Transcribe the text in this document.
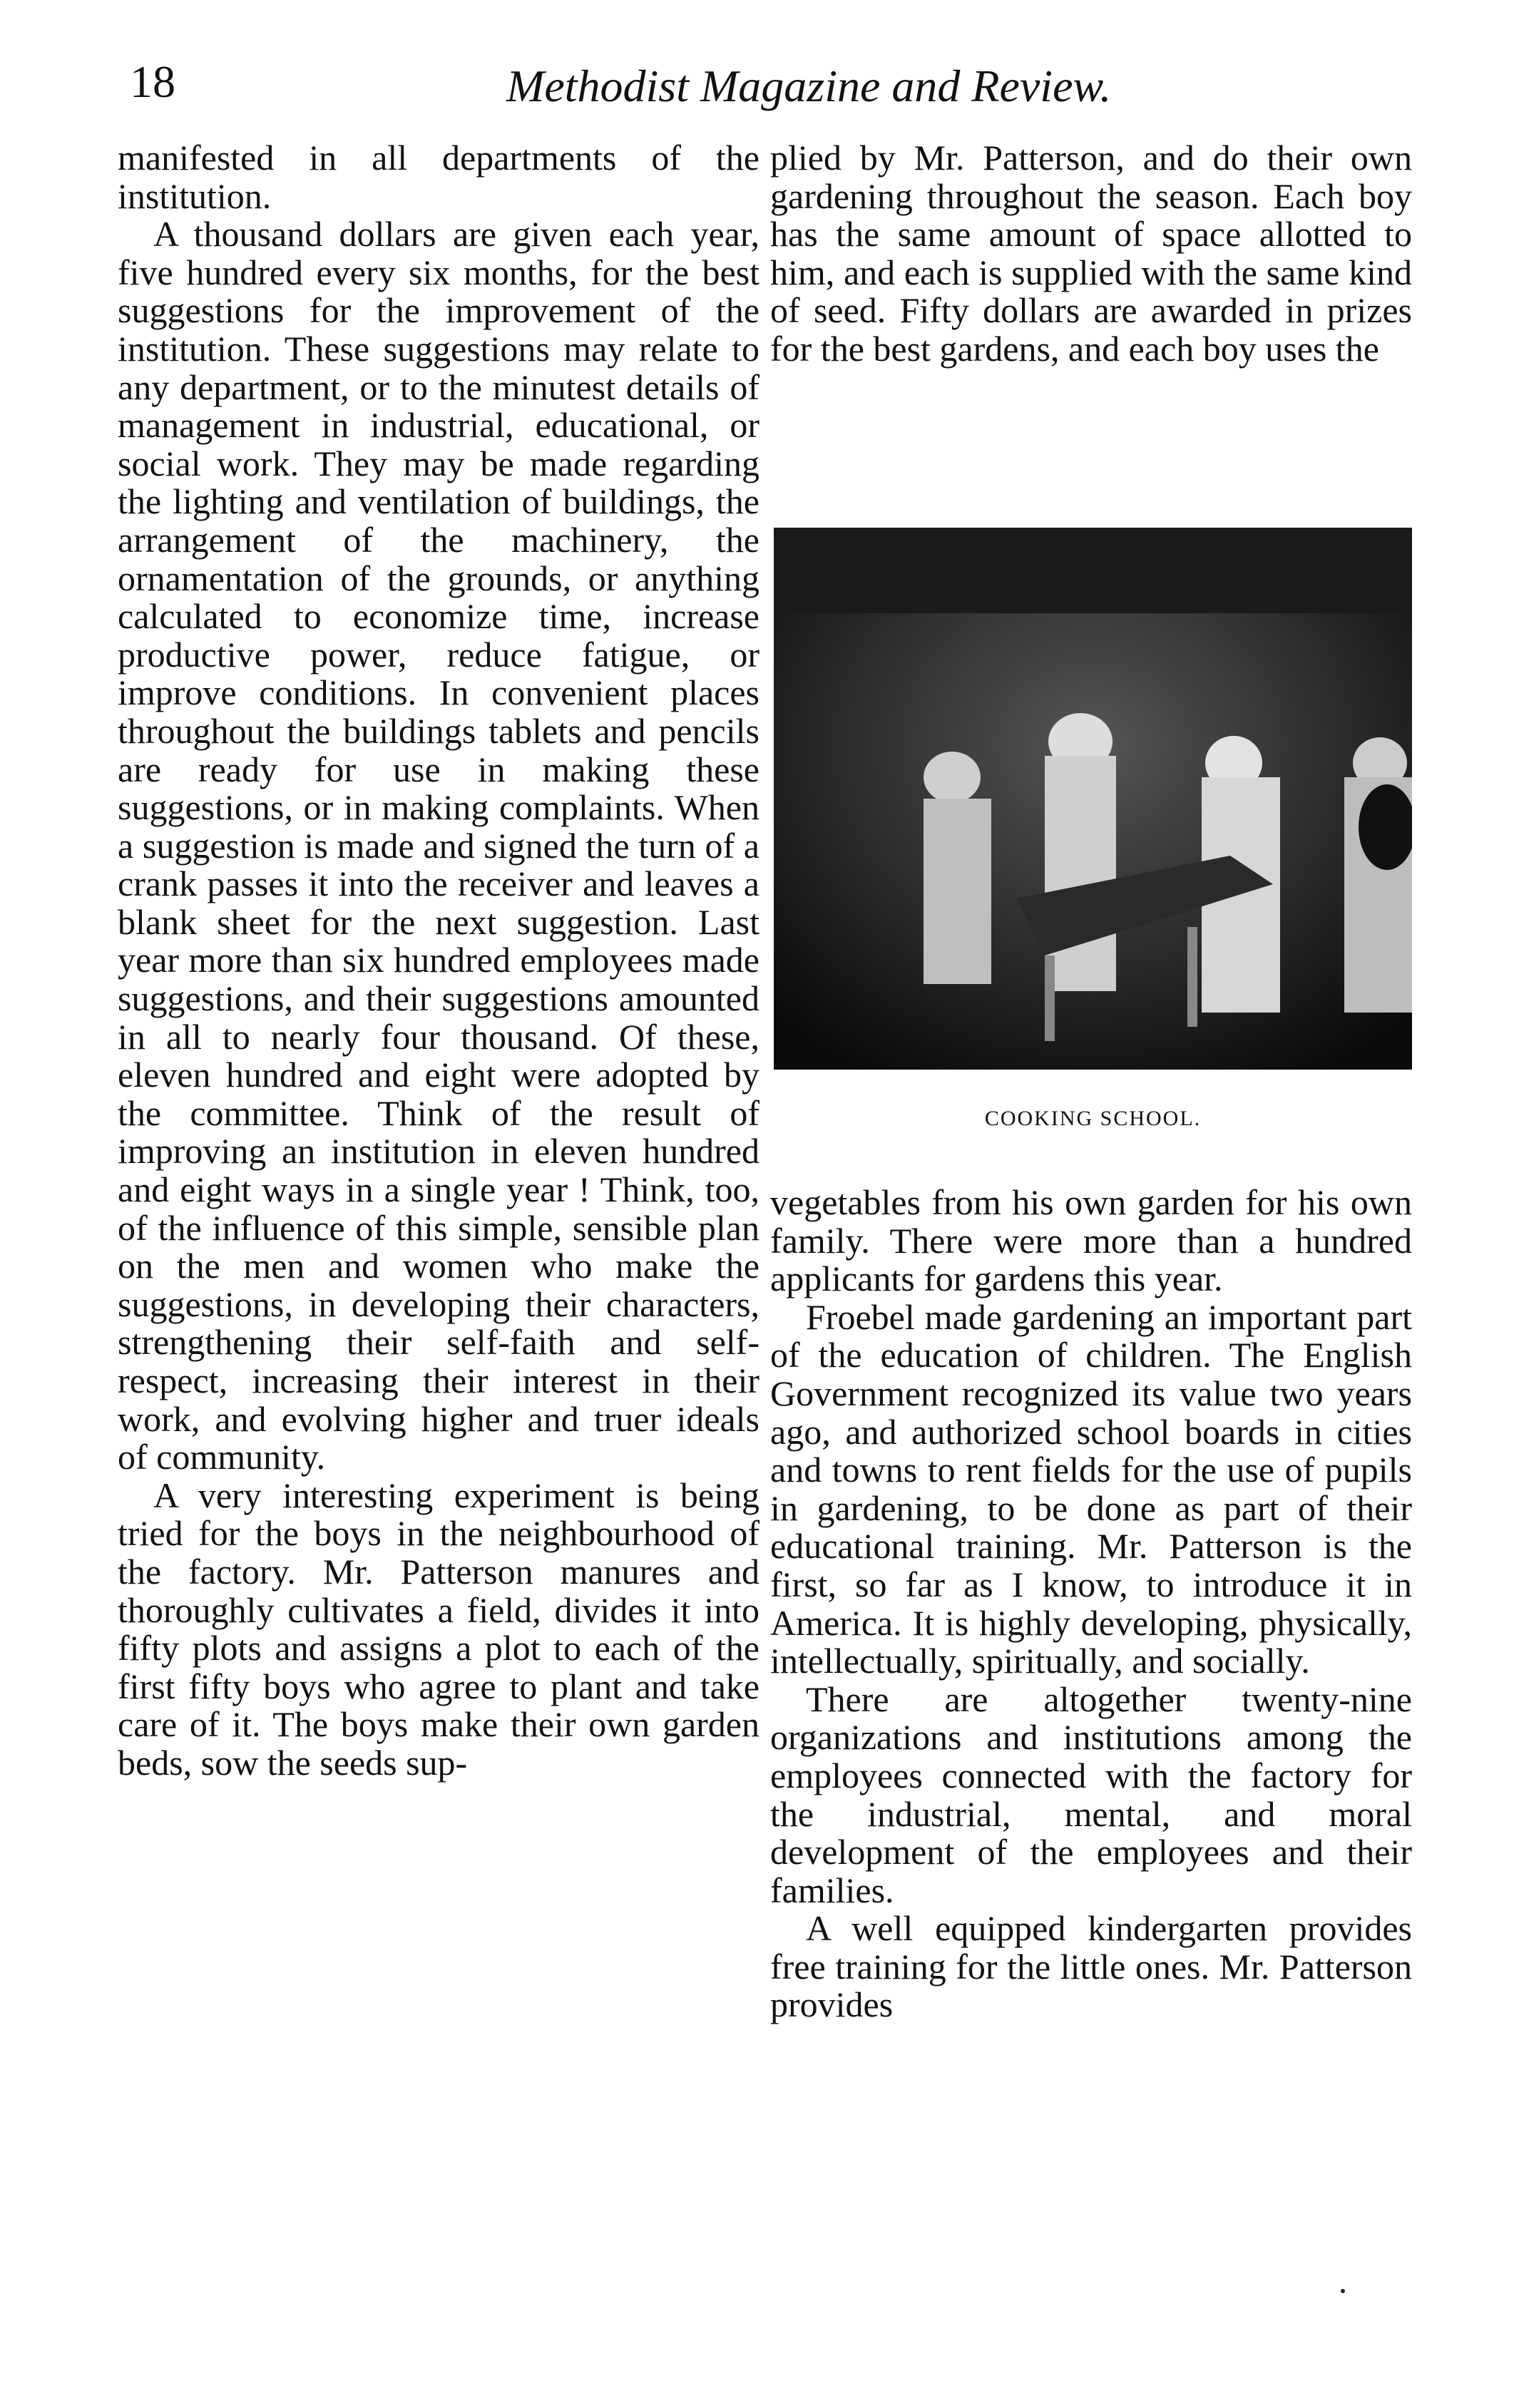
18	Methodist Magazine and Review.

manifested in all departments of the institution.

A thousand dollars are given each year, five hundred every six months, for the best suggestions for the improvement of the institution. These suggestions may relate to any department, or to the minutest details of management in industrial, educational, or social work. They may be made regarding the lighting and ventilation of buildings, the arrangement of the machinery, the ornamentation of the grounds, or anything calculated to economize time, increase productive power, reduce fatigue, or improve conditions. In convenient places throughout the buildings tablets and pencils are ready for use in making these suggestions, or in making complaints. When a suggestion is made and signed the turn of a crank passes it into the receiver and leaves a blank sheet for the next suggestion. Last year more than six hundred employees made suggestions, and their suggestions amounted in all to nearly four thousand. Of these, eleven hundred and eight were adopted by the committee. Think of the result of improving an institution in eleven hundred and eight ways in a single year ! Think, too, of the influence of this simple, sensible plan on the men and women who make the suggestions, in developing their characters, strengthening their self-faith and self-respect, increasing their interest in their work, and evolving higher and truer ideals of community.

A very interesting experiment is being tried for the boys in the neighbourhood of the factory. Mr. Patterson manures and thoroughly cultivates a field, divides it into fifty plots and assigns a plot to each of the first fifty boys who agree to plant and take care of it. The boys make their own garden beds, sow the seeds sup-

plied by Mr. Patterson, and do their own gardening throughout the season. Each boy has the same amount of space allotted to him, and each is supplied with the same kind of seed. Fifty dollars are awarded in prizes for the best gardens, and each boy uses the

COOKING SCHOOL.

vegetables from his own garden for his own family. There were more than a hundred applicants for gardens this year.

Froebel made gardening an important part of the education of children. The English Government recognized its value two years ago, and authorized school boards in cities and towns to rent fields for the use of pupils in gardening, to be done as part of their educational training. Mr. Patterson is the first, so far as I know, to introduce it in America. It is highly developing, physically, intellectually, spiritually, and socially.

There are altogether twenty-nine organizations and institutions among the employees connected with the factory for the industrial, mental, and moral development of the employees and their families.

A well equipped kindergarten provides free training for the little ones. Mr. Patterson provides
